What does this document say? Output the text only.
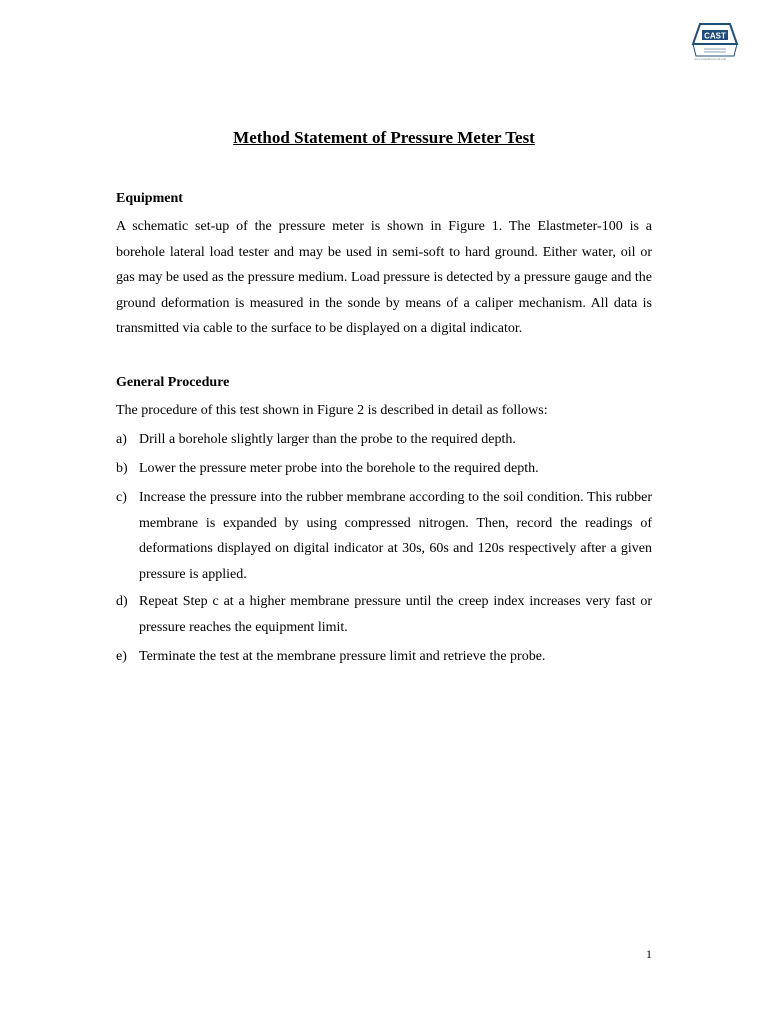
CAST
www.castsoftware-ltd.com
Method Statement of Pressure Meter Test
Equipment
A schematic set-up of the pressure meter is shown in Figure 1. The Elastmeter-100 is a borehole lateral load tester and may be used in semi-soft to hard ground. Either water, oil or gas may be used as the pressure medium. Load pressure is detected by a pressure gauge and the ground deformation is measured in the sonde by means of a caliper mechanism. All data is transmitted via cable to the surface to be displayed on a digital indicator.
General Procedure
The procedure of this test shown in Figure 2 is described in detail as follows:
a) Drill a borehole slightly larger than the probe to the required depth.
b) Lower the pressure meter probe into the borehole to the required depth.
c) Increase the pressure into the rubber membrane according to the soil condition. This rubber membrane is expanded by using compressed nitrogen. Then, record the readings of deformations displayed on digital indicator at 30s, 60s and 120s respectively after a given pressure is applied.
d) Repeat Step c at a higher membrane pressure until the creep index increases very fast or pressure reaches the equipment limit.
e) Terminate the test at the membrane pressure limit and retrieve the probe.
1
